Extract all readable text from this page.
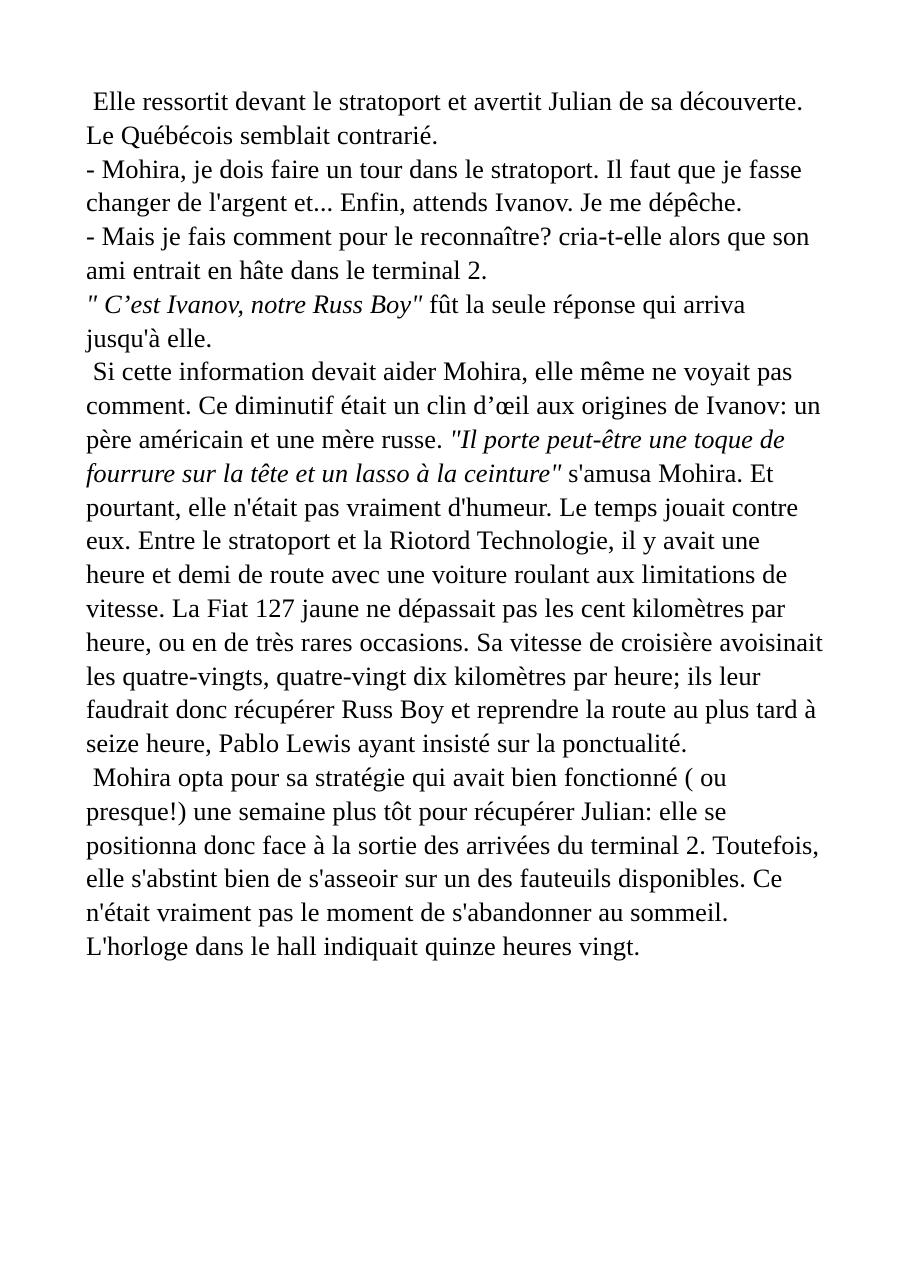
Elle ressortit devant le stratoport et avertit Julian de sa découverte. Le Québécois semblait contrarié.

- Mohira, je dois faire un tour dans le stratoport. Il faut que je fasse changer de l'argent et... Enfin, attends Ivanov. Je me dépêche.

- Mais je fais comment pour le reconnaître? cria-t-elle alors que son ami entrait en hâte dans le terminal 2.

" C’est Ivanov, notre Russ Boy" fût la seule réponse qui arriva jusqu'à elle.

Si cette information devait aider Mohira, elle même ne voyait pas comment. Ce diminutif était un clin d’œil aux origines de Ivanov: un père américain et une mère russe. "Il porte peut-être une toque de fourrure sur la tête et un lasso à la ceinture" s'amusa Mohira. Et pourtant, elle n'était pas vraiment d'humeur. Le temps jouait contre eux. Entre le stratoport et la Riotord Technologie, il y avait une heure et demi de route avec une voiture roulant aux limitations de vitesse. La Fiat 127 jaune ne dépassait pas les cent kilomètres par heure, ou en de très rares occasions. Sa vitesse de croisière avoisinait les quatre-vingts, quatre-vingt dix kilomètres par heure; ils leur faudrait donc récupérer Russ Boy et reprendre la route au plus tard à seize heure, Pablo Lewis ayant insisté sur la ponctualité.

Mohira opta pour sa stratégie qui avait bien fonctionné ( ou presque!) une semaine plus tôt pour récupérer Julian: elle se positionna donc face à la sortie des arrivées du terminal 2. Toutefois, elle s'abstint bien de s'asseoir sur un des fauteuils disponibles. Ce n'était vraiment pas le moment de s'abandonner au sommeil. L'horloge dans le hall indiquait quinze heures vingt.
